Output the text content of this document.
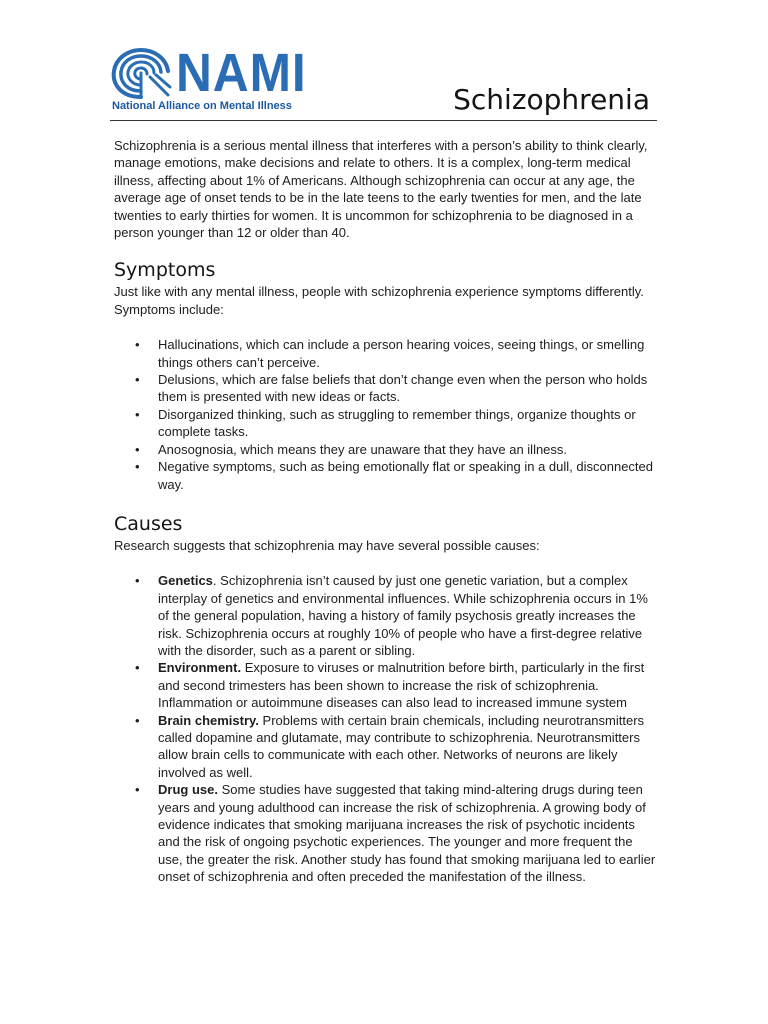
NAMI
National Alliance on Mental Illness	Schizophrenia

Schizophrenia is a serious mental illness that interferes with a person’s ability to think clearly, manage emotions, make decisions and relate to others. It is a complex, long-term medical illness, affecting about 1% of Americans. Although schizophrenia can occur at any age, the average age of onset tends to be in the late teens to the early twenties for men, and the late twenties to early thirties for women. It is uncommon for schizophrenia to be diagnosed in a person younger than 12 or older than 40.

Symptoms

Just like with any mental illness, people with schizophrenia experience symptoms differently. Symptoms include:

• Hallucinations, which can include a person hearing voices, seeing things, or smelling things others can’t perceive.
• Delusions, which are false beliefs that don’t change even when the person who holds them is presented with new ideas or facts.
• Disorganized thinking, such as struggling to remember things, organize thoughts or complete tasks.
• Anosognosia, which means they are unaware that they have an illness.
• Negative symptoms, such as being emotionally flat or speaking in a dull, disconnected way.
Causes

Research suggests that schizophrenia may have several possible causes:

• Genetics. Schizophrenia isn’t caused by just one genetic variation, but a complex interplay of genetics and environmental influences. While schizophrenia occurs in 1% of the general population, having a history of family psychosis greatly increases the risk. Schizophrenia occurs at roughly 10% of people who have a first-degree relative with the disorder, such as a parent or sibling.
• Environment. Exposure to viruses or malnutrition before birth, particularly in the first and second trimesters has been shown to increase the risk of schizophrenia. Inflammation or autoimmune diseases can also lead to increased immune system
• Brain chemistry. Problems with certain brain chemicals, including neurotransmitters called dopamine and glutamate, may contribute to schizophrenia. Neurotransmitters allow brain cells to communicate with each other. Networks of neurons are likely involved as well.
• Drug use. Some studies have suggested that taking mind-altering drugs during teen years and young adulthood can increase the risk of schizophrenia. A growing body of evidence indicates that smoking marijuana increases the risk of psychotic incidents and the risk of ongoing psychotic experiences. The younger and more frequent the use, the greater the risk. Another study has found that smoking marijuana led to earlier onset of schizophrenia and often preceded the manifestation of the illness.
